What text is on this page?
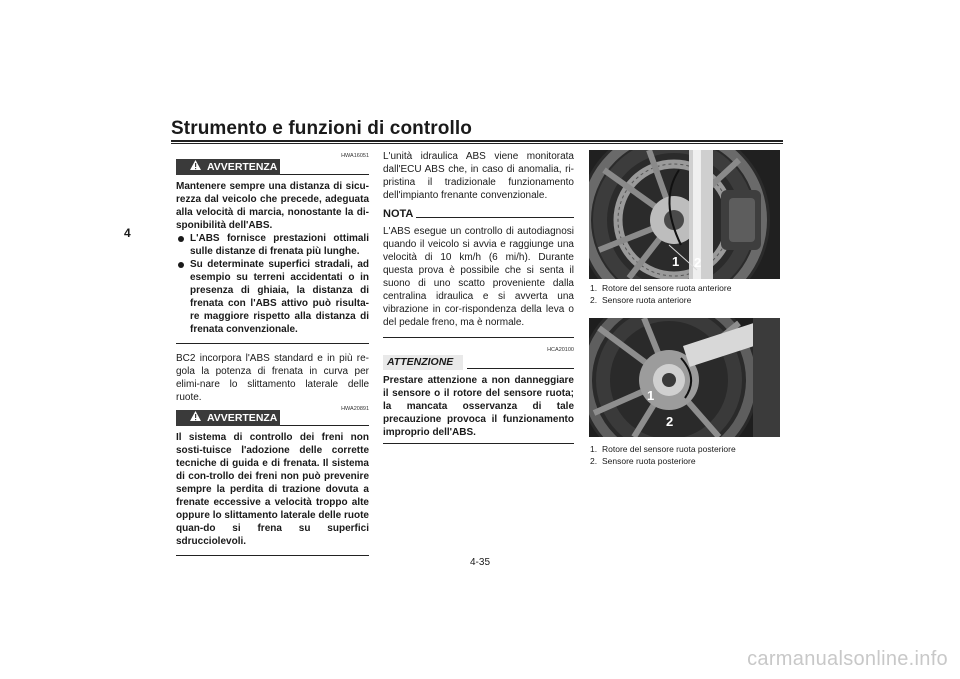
Strumento e funzioni di controllo
4
AVVERTENZA
HWA16051
Mantenere sempre una distanza di sicu-rezza dal veicolo che precede, adeguata alla velocità di marcia, nonostante la di-sponibilità dell'ABS.
L'ABS fornisce prestazioni ottimali sulle distanze di frenata più lunghe.
Su determinate superfici stradali, ad esempio su terreni accidentati o in presenza di ghiaia, la distanza di frenata con l'ABS attivo può risulta-re maggiore rispetto alla distanza di frenata convenzionale.
BC2 incorpora l'ABS standard e in più re-gola la potenza di frenata in curva per elimi-nare lo slittamento laterale delle ruote.
AVVERTENZA
HWA20891
Il sistema di controllo dei freni non sosti-tuisce l'adozione delle corrette tecniche di guida e di frenata. Il sistema di con-trollo dei freni non può prevenire sempre la perdita di trazione dovuta a frenate eccessive a velocità troppo alte oppure lo slittamento laterale delle ruote quan-do si frena su superfici sdrucciolevoli.
L'unità idraulica ABS viene monitorata dall'ECU ABS che, in caso di anomalia, ri-pristina il tradizionale funzionamento dell'impianto frenante convenzionale.
NOTA
L'ABS esegue un controllo di autodiagnosi quando il veicolo si avvia e raggiunge una velocità di 10 km/h (6 mi/h). Durante questa prova è possibile che si senta il suono di uno scatto proveniente dalla centralina idraulica e si avverta una vibrazione in cor-rispondenza della leva o del pedale freno, ma è normale.
ATTENZIONE
HCA20100
Prestare attenzione a non danneggiare il sensore o il rotore del sensore ruota; la mancata osservanza di tale precauzione provoca il funzionamento improprio dell'ABS.
1 2
1. Rotore del sensore ruota anteriore
2. Sensore ruota anteriore
1
2
1. Rotore del sensore ruota posteriore
2. Sensore ruota posteriore
4-35
carmanualsonline.info
